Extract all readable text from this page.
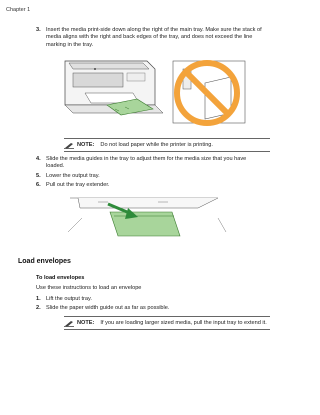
Chapter 1
3. Insert the media print-side down along the right of the main tray. Make sure the stack of media aligns with the right and back edges of the tray, and does not exceed the line marking in the tray.
NOTE: Do not load paper while the printer is printing.
4. Slide the media guides in the tray to adjust them for the media size that you have loaded.
5. Lower the output tray.
6. Pull out the tray extender.
Load envelopes
To load envelopes
Use these instructions to load an envelope
1. Lift the output tray.
2. Slide the paper width guide out as far as possible.
NOTE: If you are loading larger sized media, pull the input tray to extend it.
